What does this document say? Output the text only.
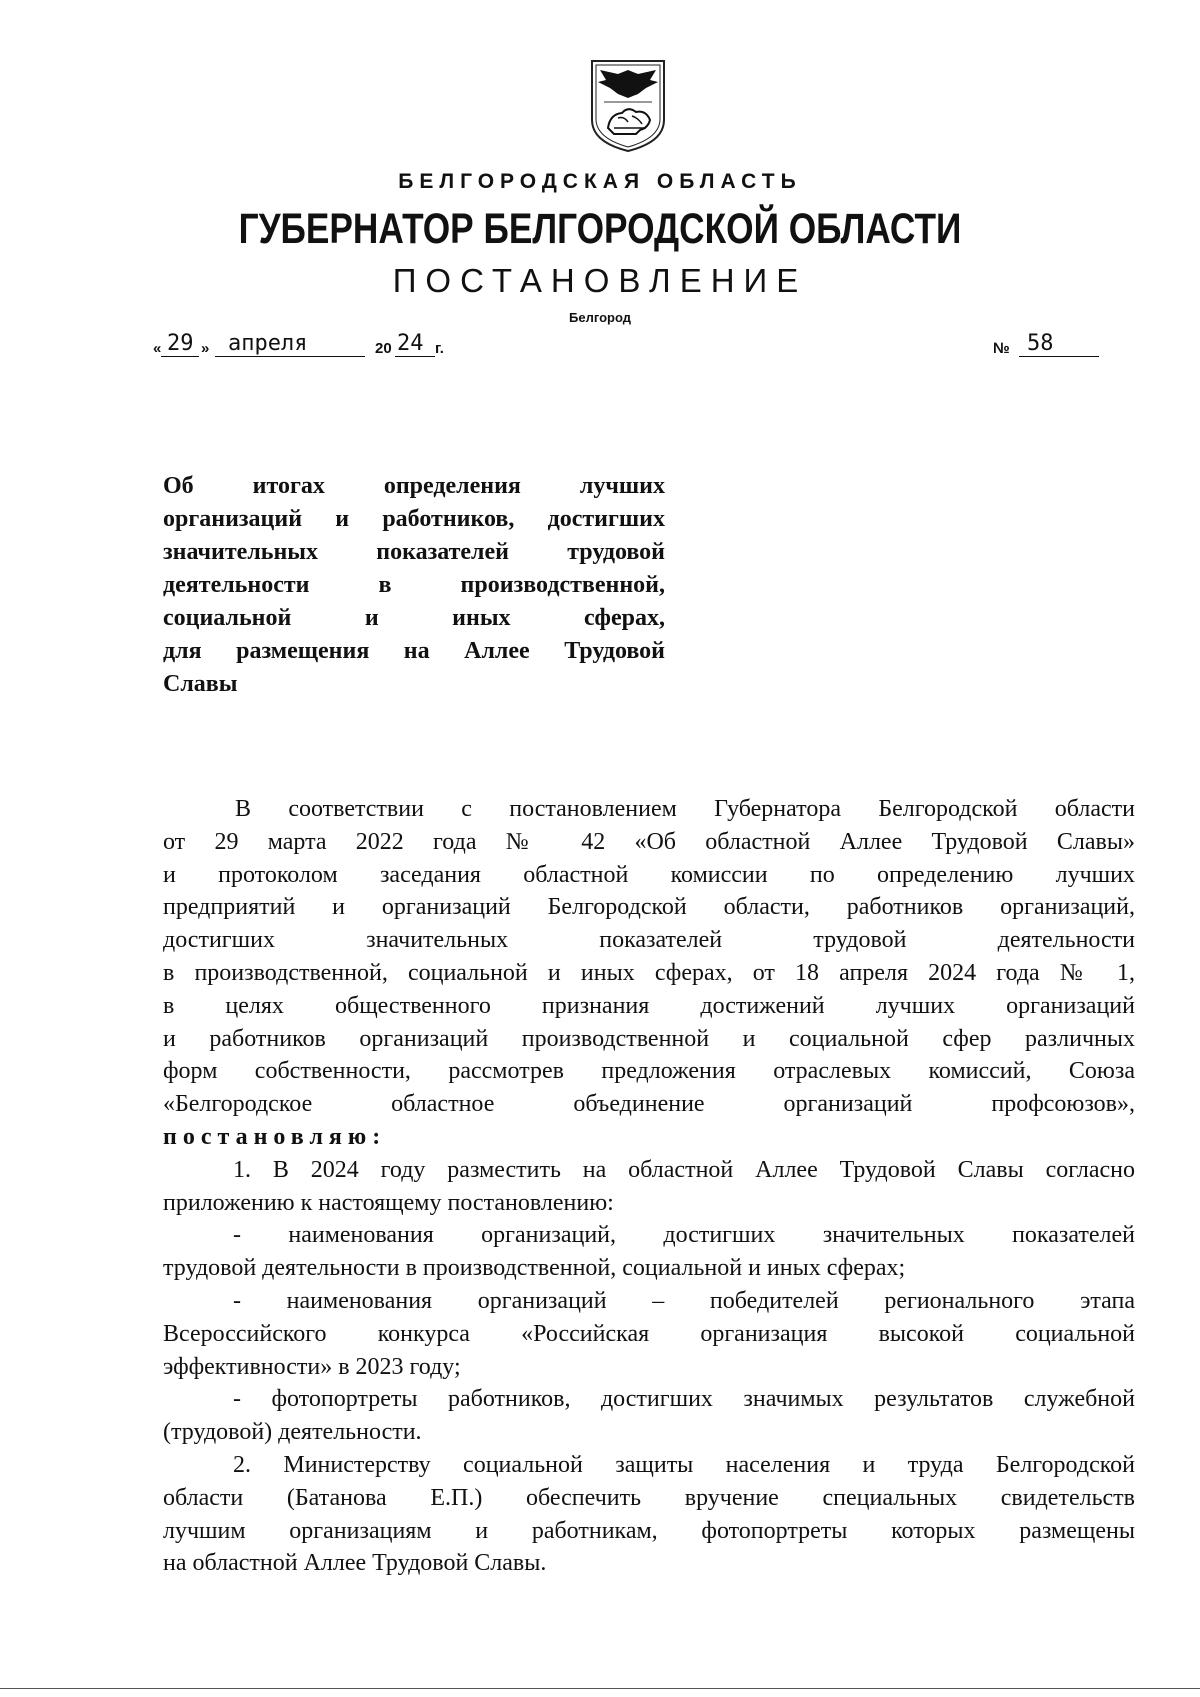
БЕЛГОРОДСКАЯ ОБЛАСТЬ
ГУБЕРНАТОР БЕЛГОРОДСКОЙ ОБЛАСТИ
ПОСТАНОВЛЕНИЕ
Белгород
« 29 » апреля	20 24 г.	№ 58
Об итогах определения лучших
организаций и работников, достигших
значительных показателей трудовой
деятельности в производственной,
социальной и иных сферах,
для размещения на Аллее Трудовой
Славы
В соответствии с постановлением Губернатора Белгородской области
от 29 марта 2022 года № 42 «Об областной Аллее Трудовой Славы»
и протоколом заседания областной комиссии по определению лучших
предприятий и организаций Белгородской области, работников организаций,
достигших значительных показателей трудовой деятельности
в производственной, социальной и иных сферах, от 18 апреля 2024 года № 1,
в целях общественного признания достижений лучших организаций
и работников организаций производственной и социальной сфер различных
форм собственности, рассмотрев предложения отраслевых комиссий, Союза
«Белгородское областное объединение организаций профсоюзов»,
постановляю:
1. В 2024 году разместить на областной Аллее Трудовой Славы согласно
приложению к настоящему постановлению:
- наименования организаций, достигших значительных показателей
трудовой деятельности в производственной, социальной и иных сферах;
- наименования организаций – победителей регионального этапа
Всероссийского конкурса «Российская организация высокой социальной
эффективности» в 2023 году;
- фотопортреты работников, достигших значимых результатов служебной
(трудовой) деятельности.
2. Министерству социальной защиты населения и труда Белгородской
области (Батанова Е.П.) обеспечить вручение специальных свидетельств
лучшим организациям и работникам, фотопортреты которых размещены
на областной Аллее Трудовой Славы.
